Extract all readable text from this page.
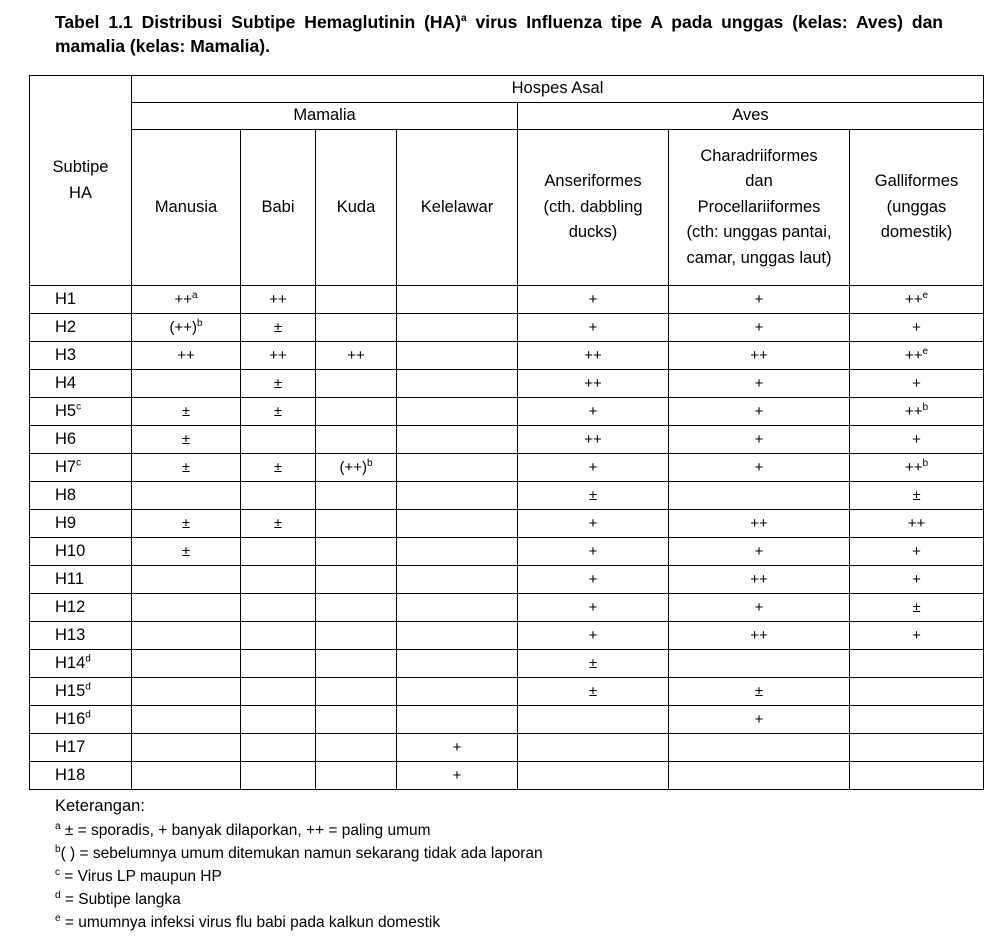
Tabel 1.1 Distribusi Subtipe Hemaglutinin (HA)$^a$ virus Influenza tipe A pada unggas (kelas: Aves) dan mamalia (kelas: Mamalia).
Subtipe HA	Hospes Asal						
	Mamalia				Aves		
	Manusia	Babi	Kuda	Kelelawar	Anseriformes (cth. dabbling ducks)	Charadriiformes dan Procellariiformes (cth: unggas pantai, camar, unggas laut)	Galliformes (unggas domestik)

H1	++$^a$	++			+	+	++$^e$
H2	$(++)^b$	±			+	+	+
H3	++	++	++		++	++	++$^e$
H4		±			++	+	+
$H5^c$	±	±			+	+	++$^b$
H6	±				++	+	+
$H7^c$	±	±	$(++)^b$		+	+	++$^b$
H8					±		±
H9	±	±			+	++	++
H10	±				+	+	+
H11					+	++	+
H12					+	+	±
H13					+	++	+
$H14^d$					±		
H15$^d$					±	±	
H16$^d$						+	
H17				+			
H18				+			
Keterangan:
$^a$ ± = sporadis, + banyak dilaporkan, ++ = paling umum
$^b$( ) = sebelumnya umum ditemukan namun sekarang tidak ada laporan
$^c$ = Virus LP maupun HP
$^d$ = Subtipe langka
$^e$ = umumnya infeksi virus flu babi pada kalkun domestik
